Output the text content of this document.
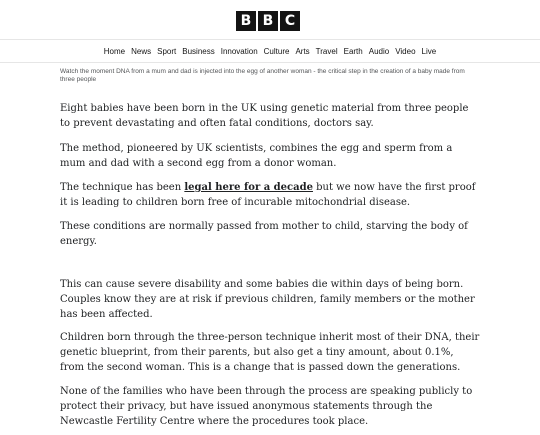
B B C
Home News Sport Business Innovation Culture Arts Travel Earth Audio Video Live
Watch the moment DNA from a mum and dad is injected into the egg of another woman - the critical step in the creation of a baby made from three people

Eight babies have been born in the UK using genetic material from three people to prevent devastating and often fatal conditions, doctors say.

The method, pioneered by UK scientists, combines the egg and sperm from a mum and dad with a second egg from a donor woman.

The technique has been legal here for a decade but we now have the first proof it is leading to children born free of incurable mitochondrial disease.

These conditions are normally passed from mother to child, starving the body of energy.

This can cause severe disability and some babies die within days of being born. Couples know they are at risk if previous children, family members or the mother has been affected.

Children born through the three-person technique inherit most of their DNA, their genetic blueprint, from their parents, but also get a tiny amount, about 0.1%, from the second woman. This is a change that is passed down the generations.

None of the families who have been through the process are speaking publicly to protect their privacy, but have issued anonymous statements through the Newcastle Fertility Centre where the procedures took place.
